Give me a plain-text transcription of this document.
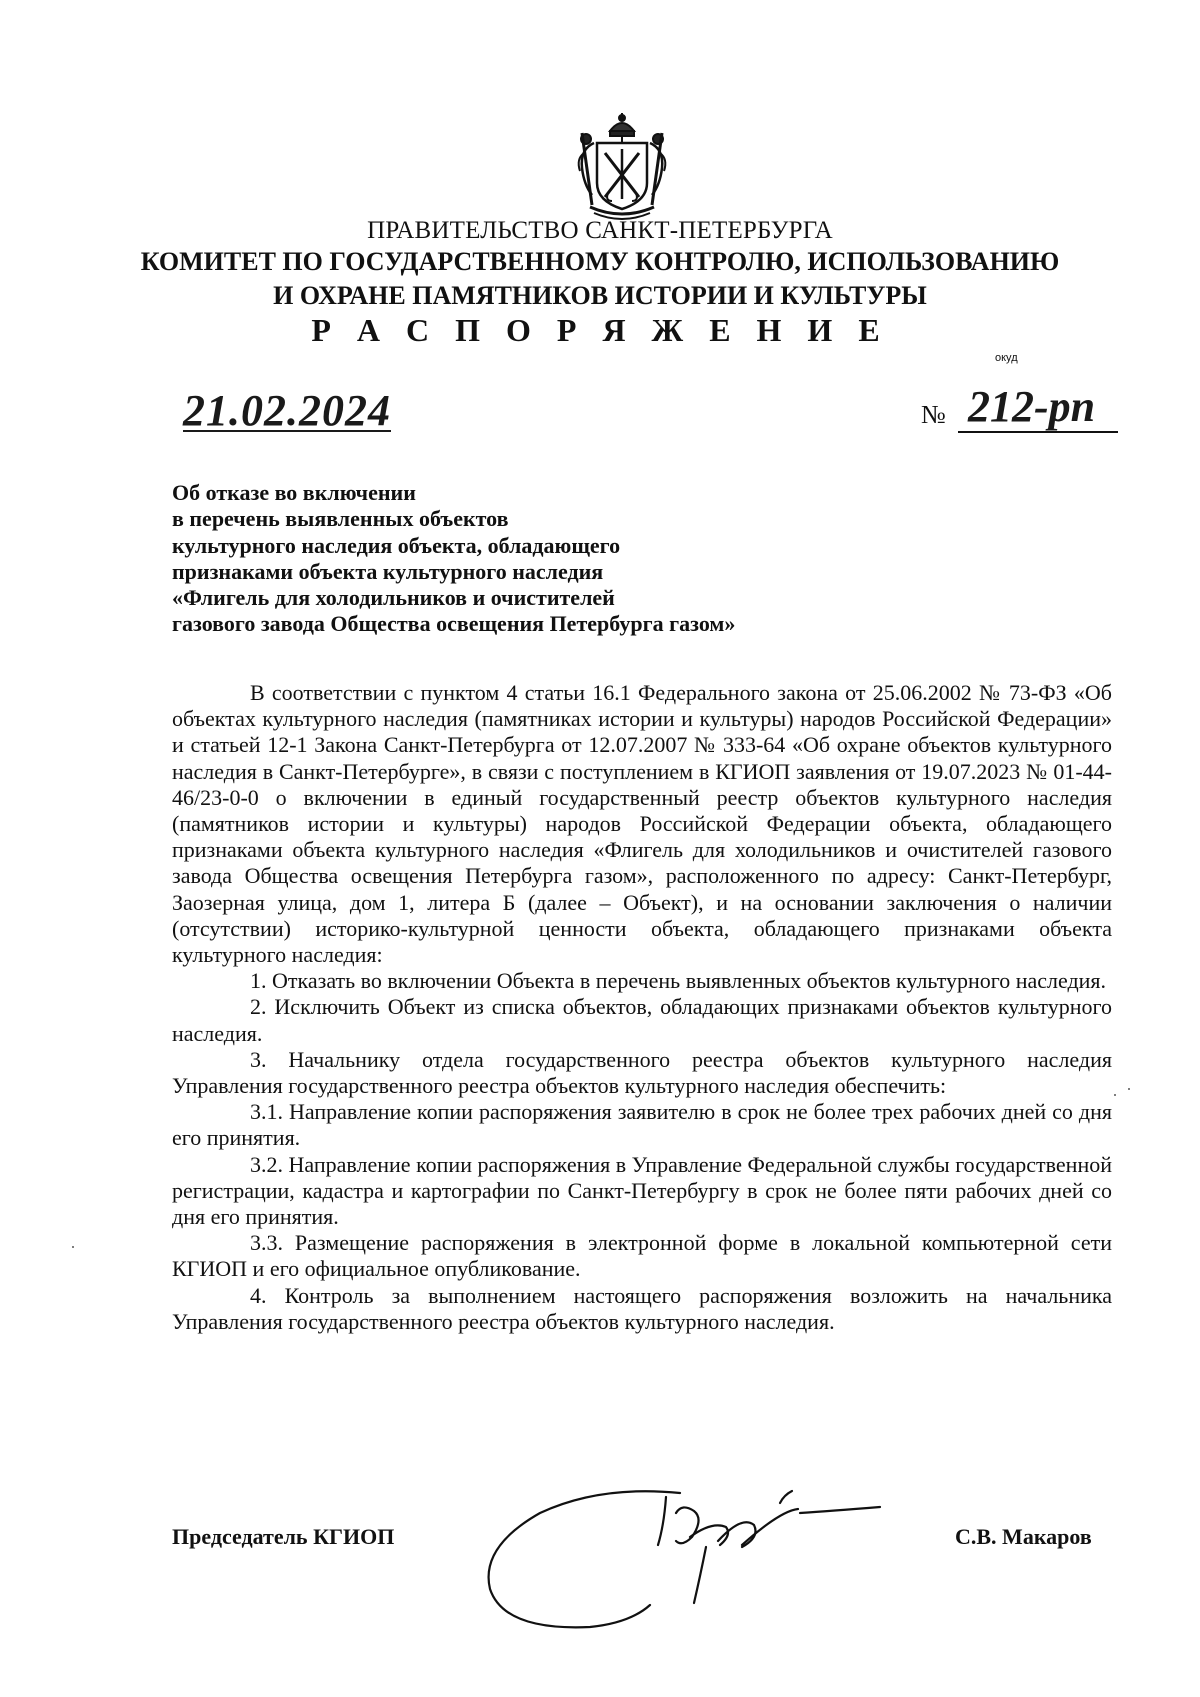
ПРАВИТЕЛЬСТВО САНКТ-ПЕТЕРБУРГА
КОМИТЕТ ПО ГОСУДАРСТВЕННОМУ КОНТРОЛЮ, ИСПОЛЬЗОВАНИЮ
И ОХРАНЕ ПАМЯТНИКОВ ИСТОРИИ И КУЛЬТУРЫ
Р А С П О Р Я Ж Е Н И Е
окуд
21.02.2024	№ 212-рп
Об отказе во включении
в перечень выявленных объектов
культурного наследия объекта, обладающего
признаками объекта культурного наследия
«Флигель для холодильников и очистителей
газового завода Общества освещения Петербурга газом»

В соответствии с пунктом 4 статьи 16.1 Федерального закона от 25.06.2002 № 73-ФЗ «Об объектах культурного наследия (памятниках истории и культуры) народов Российской Федерации» и статьей 12-1 Закона Санкт-Петербурга от 12.07.2007 № 333-64 «Об охране объектов культурного наследия в Санкт-Петербурге», в связи с поступлением в КГИОП заявления от 19.07.2023 № 01-44-46/23-0-0 о включении в единый государственный реестр объектов культурного наследия (памятников истории и культуры) народов Российской Федерации объекта, обладающего признаками объекта культурного наследия «Флигель для холодильников и очистителей газового завода Общества освещения Петербурга газом», расположенного по адресу: Санкт-Петербург, Заозерная улица, дом 1, литера Б (далее – Объект), и на основании заключения о наличии (отсутствии) историко-культурной ценности объекта, обладающего признаками объекта культурного наследия:

1. Отказать во включении Объекта в перечень выявленных объектов культурного наследия.

2. Исключить Объект из списка объектов, обладающих признаками объектов культурного наследия.

3. Начальнику отдела государственного реестра объектов культурного наследия Управления государственного реестра объектов культурного наследия обеспечить:

3.1. Направление копии распоряжения заявителю в срок не более трех рабочих дней со дня его принятия.

3.2. Направление копии распоряжения в Управление Федеральной службы государственной регистрации, кадастра и картографии по Санкт-Петербургу в срок не более пяти рабочих дней со дня его принятия.

3.3. Размещение распоряжения в электронной форме в локальной компьютерной сети КГИОП и его официальное опубликование.

4. Контроль за выполнением настоящего распоряжения возложить на начальника Управления государственного реестра объектов культурного наследия.

Председатель КГИОП	С.В. Макаров
